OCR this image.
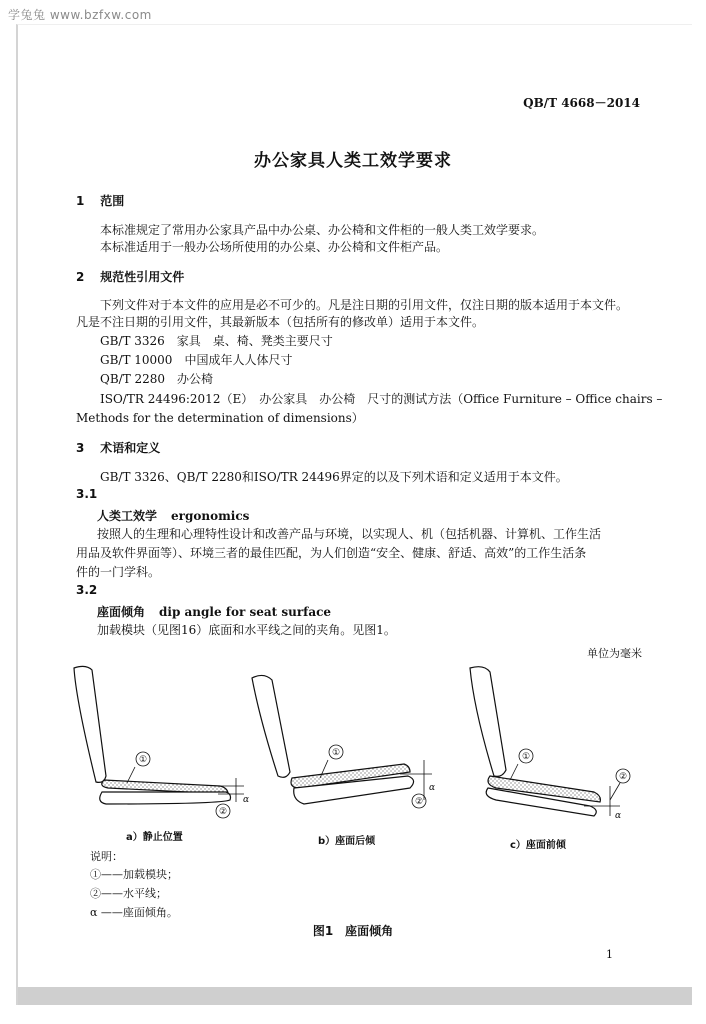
学兔兔 www.bzfxw.com
QB/T 4668－2014
办公家具人类工效学要求
1 范围
本标准规定了常用办公家具产品中办公桌、办公椅和文件柜的一般人类工效学要求。
本标准适用于一般办公场所使用的办公桌、办公椅和文件柜产品。
2 规范性引用文件
下列文件对于本文件的应用是必不可少的。凡是注日期的引用文件，仅注日期的版本适用于本文件。
凡是不注日期的引用文件，其最新版本（包括所有的修改单）适用于本文件。
GB/T 3326　家具　桌、椅、凳类主要尺寸
GB/T 10000　中国成年人人体尺寸
QB/T 2280　办公椅
ISO/TR 24496:2012（E）　办公家具　办公椅　尺寸的测试方法（Office Furniture – Office chairs –
Methods for the determination of dimensions）
3 术语和定义
GB/T 3326、QB/T 2280和ISO/TR 24496界定的以及下列术语和定义适用于本文件。
3.1
人类工效学 ergonomics
按照人的生理和心理特性设计和改善产品与环境，以实现人、机（包括机器、计算机、工作生活
用品及软件界面等）、环境三者的最佳匹配，为人们创造“安全、健康、舒适、高效”的工作生活条
件的一门学科。
3.2
座面倾角 dip angle for seat surface
加载模块（见图16）底面和水平线之间的夹角。见图1。
单位为毫米
①
②
α
①
②
α
①
②
α
a）静止位置	b）座面后倾	c）座面前倾
说明：
①——加载模块；
②——水平线；
α ——座面倾角。
图1　座面倾角
1
